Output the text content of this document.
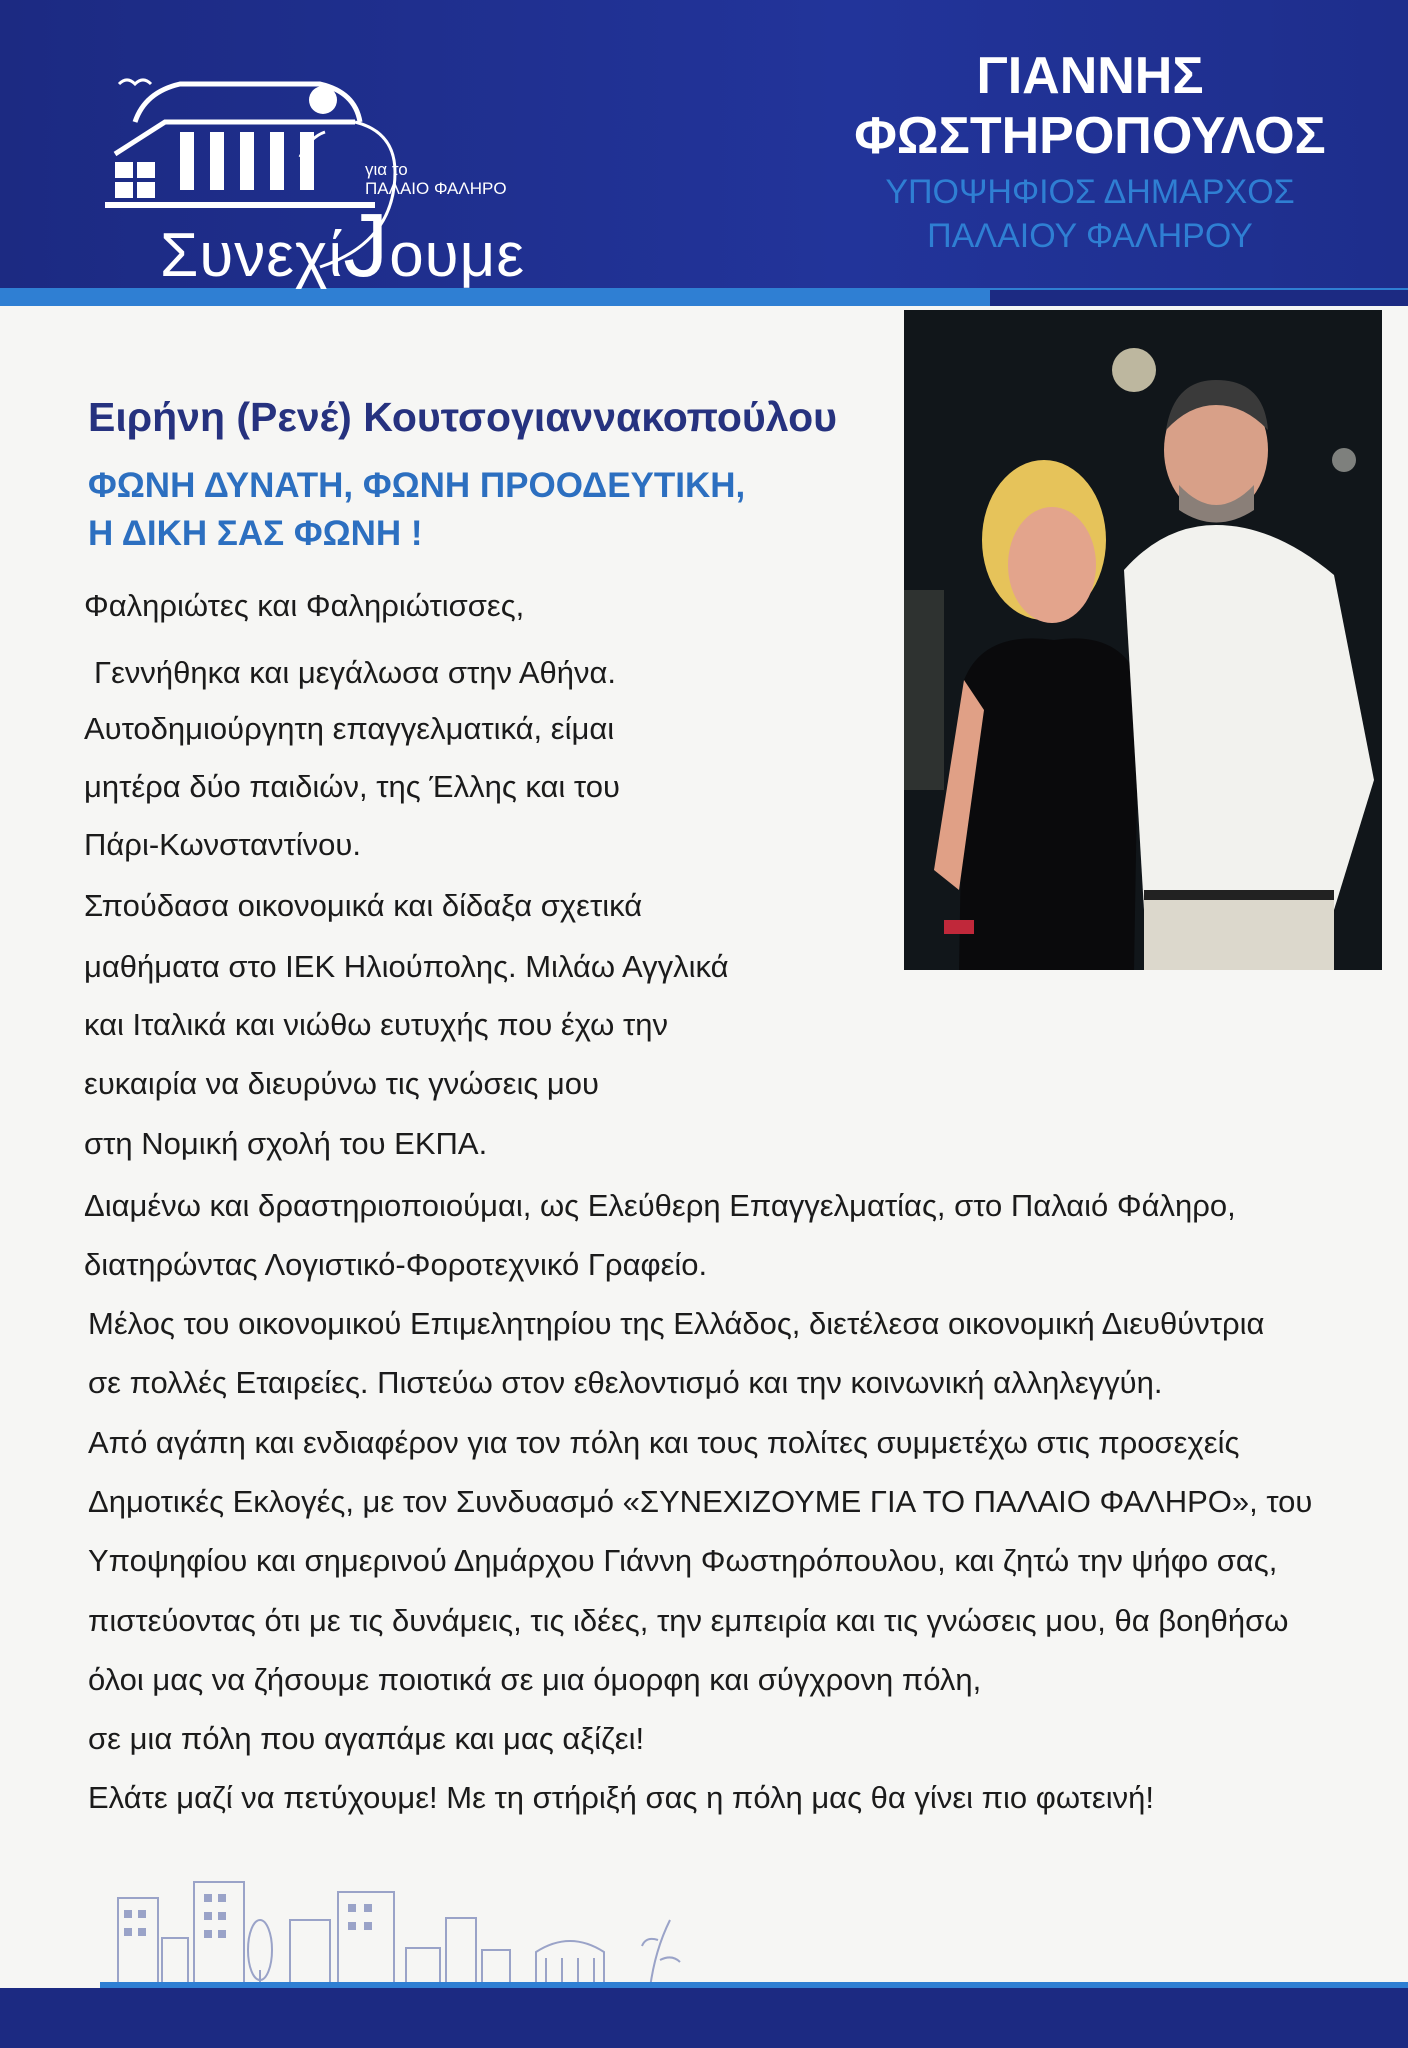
για το
ΠΑΛΑΙΟ ΦΑΛΗΡΟ
ΣυνεχίJουμε
ΓΙΑΝΝΗΣ
ΦΩΣΤΗΡΟΠΟΥΛΟΣ
ΥΠΟΨΗΦΙΟΣ ΔΗΜΑΡΧΟΣ
ΠΑΛΑΙΟΥ ΦΑΛΗΡΟΥ
Ειρήνη (Ρενέ) Κουτσογιαννακοπούλου
ΦΩΝΗ ΔΥΝΑΤΗ, ΦΩΝΗ ΠΡΟΟΔΕΥΤΙΚΗ,
Η ΔΙΚΗ ΣΑΣ ΦΩΝΗ !
Φαληριώτες και Φαληριώτισσες,
Γεννήθηκα και μεγάλωσα στην Αθήνα.
Αυτοδημιούργητη επαγγελματικά, είμαι
μητέρα δύο παιδιών, της Έλλης και του
Πάρι-Κωνσταντίνου.
Σπούδασα οικονομικά και δίδαξα σχετικά
μαθήματα στο ΙΕΚ Ηλιούπολης. Μιλάω Αγγλικά
και Ιταλικά και νιώθω ευτυχής που έχω την
ευκαιρία να διευρύνω τις γνώσεις μου
στη Νομική σχολή του ΕΚΠΑ.
Διαμένω και δραστηριοποιούμαι, ως Ελεύθερη Επαγγελματίας, στο Παλαιό Φάληρο,
διατηρώντας Λογιστικό-Φοροτεχνικό Γραφείο.
Μέλος του οικονομικού Επιμελητηρίου της Ελλάδος, διετέλεσα οικονομική Διευθύντρια
σε πολλές Εταιρείες. Πιστεύω στον εθελοντισμό και την κοινωνική αλληλεγγύη.
Από αγάπη και ενδιαφέρον για τον πόλη και τους πολίτες συμμετέχω στις προσεχείς
Δημοτικές Εκλογές, με τον Συνδυασμό «ΣΥΝΕΧΙΖΟΥΜΕ ΓΙΑ ΤΟ ΠΑΛΑΙΟ ΦΑΛΗΡΟ», του
Υποψηφίου και σημερινού Δημάρχου Γιάννη Φωστηρόπουλου, και ζητώ την ψήφο σας,
πιστεύοντας ότι με τις δυνάμεις, τις ιδέες, την εμπειρία και τις γνώσεις μου, θα βοηθήσω
όλοι μας να ζήσουμε ποιοτικά σε μια όμορφη και σύγχρονη πόλη,
σε μια πόλη που αγαπάμε και μας αξίζει!
Ελάτε μαζί να πετύχουμε! Με τη στήριξή σας η πόλη μας θα γίνει πιο φωτεινή!
